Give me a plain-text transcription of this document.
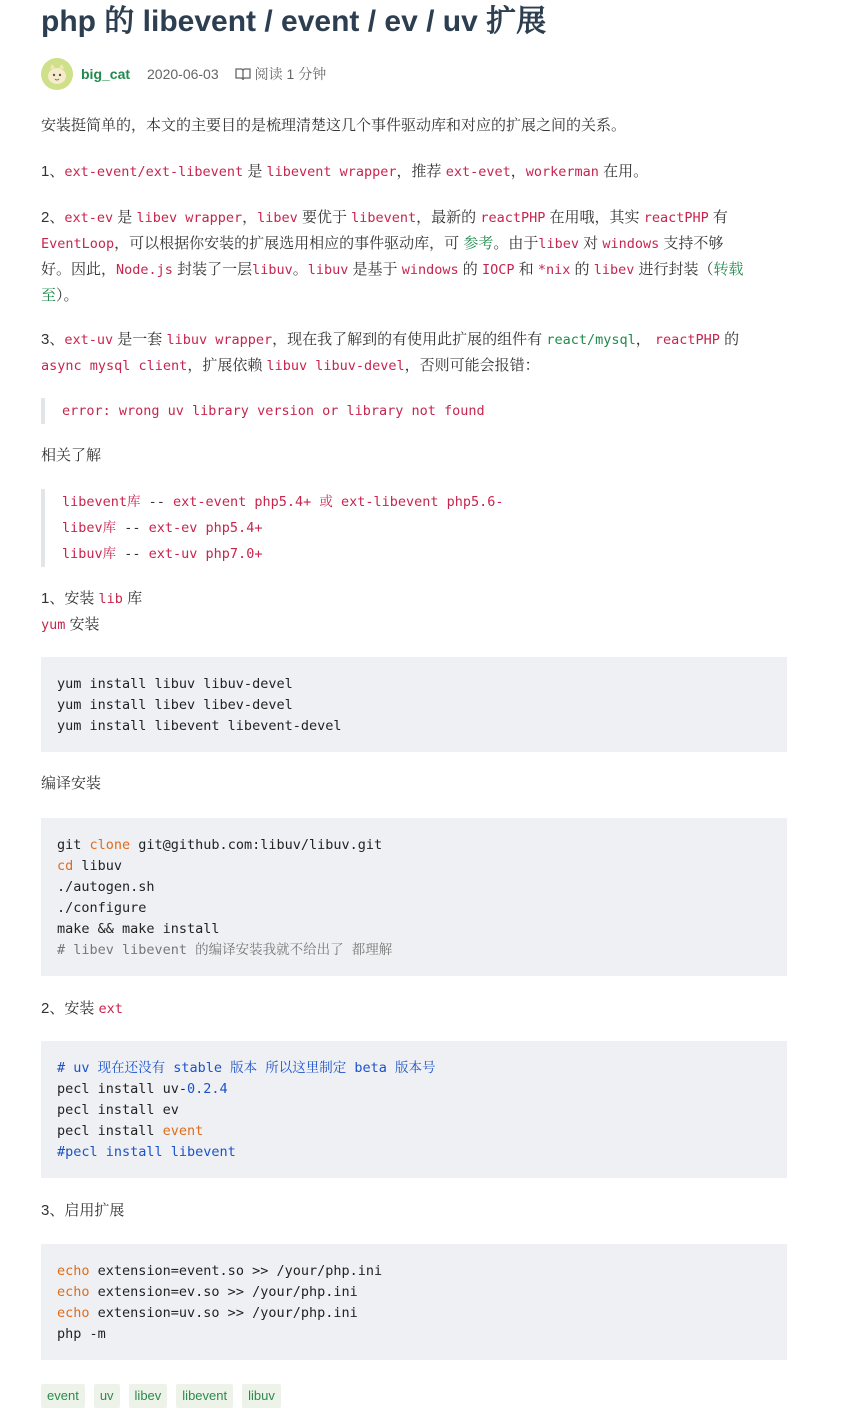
php 的 libevent / event / ev / uv 扩展
big_cat 2020-06-03	阅读 1 分钟

安装挺简单的，本文的主要目的是梳理清楚这几个事件驱动库和对应的扩展之间的关系。

1、ext-event/ext-libevent 是 libevent wrapper，推荐 ext-evet，workerman 在用。

2、ext-ev 是 libev wrapper，libev 要优于 libevent，最新的 reactPHP 在用哦，其实 reactPHP 有
EventLoop，可以根据你安装的扩展选用相应的事件驱动库，可 参考。由于libev 对 windows 支持不够
好。因此，Node.js 封装了一层libuv。libuv 是基于 windows 的 IOCP 和 *nix 的 libev 进行封装（转载
至）。
3、ext-uv 是一套 libuv wrapper，现在我了解到的有使用此扩展的组件有 react/mysql， reactPHP 的
async mysql client，扩展依赖 libuv libuv-devel，否则可能会报错：
error: wrong uv library version or library not found

相关了解

libevent库 -- ext-event php5.4+ 或 ext-libevent php5.6-
libev库 -- ext-ev php5.4+
libuv库 -- ext-uv php7.0+
1、安装 lib 库
yum 安装
yum install libuv libuv-devel
yum install libev libev-devel
yum install libevent libevent-devel

编译安装

git clone git@github.com:libuv/libuv.git
cd libuv
./autogen.sh
./configure
make && make install
# libev libevent 的编译安装我就不给出了 都理解
2、安装 ext
# uv 现在还没有 stable 版本 所以这里制定 beta 版本号
pecl install uv-0.2.4
pecl install ev
pecl install event
#pecl install libevent

3、启用扩展

echo extension=event.so >> /your/php.ini
echo extension=ev.so >> /your/php.ini
echo extension=uv.so >> /your/php.ini
php -m
event	uv	libev	libevent	libuv
